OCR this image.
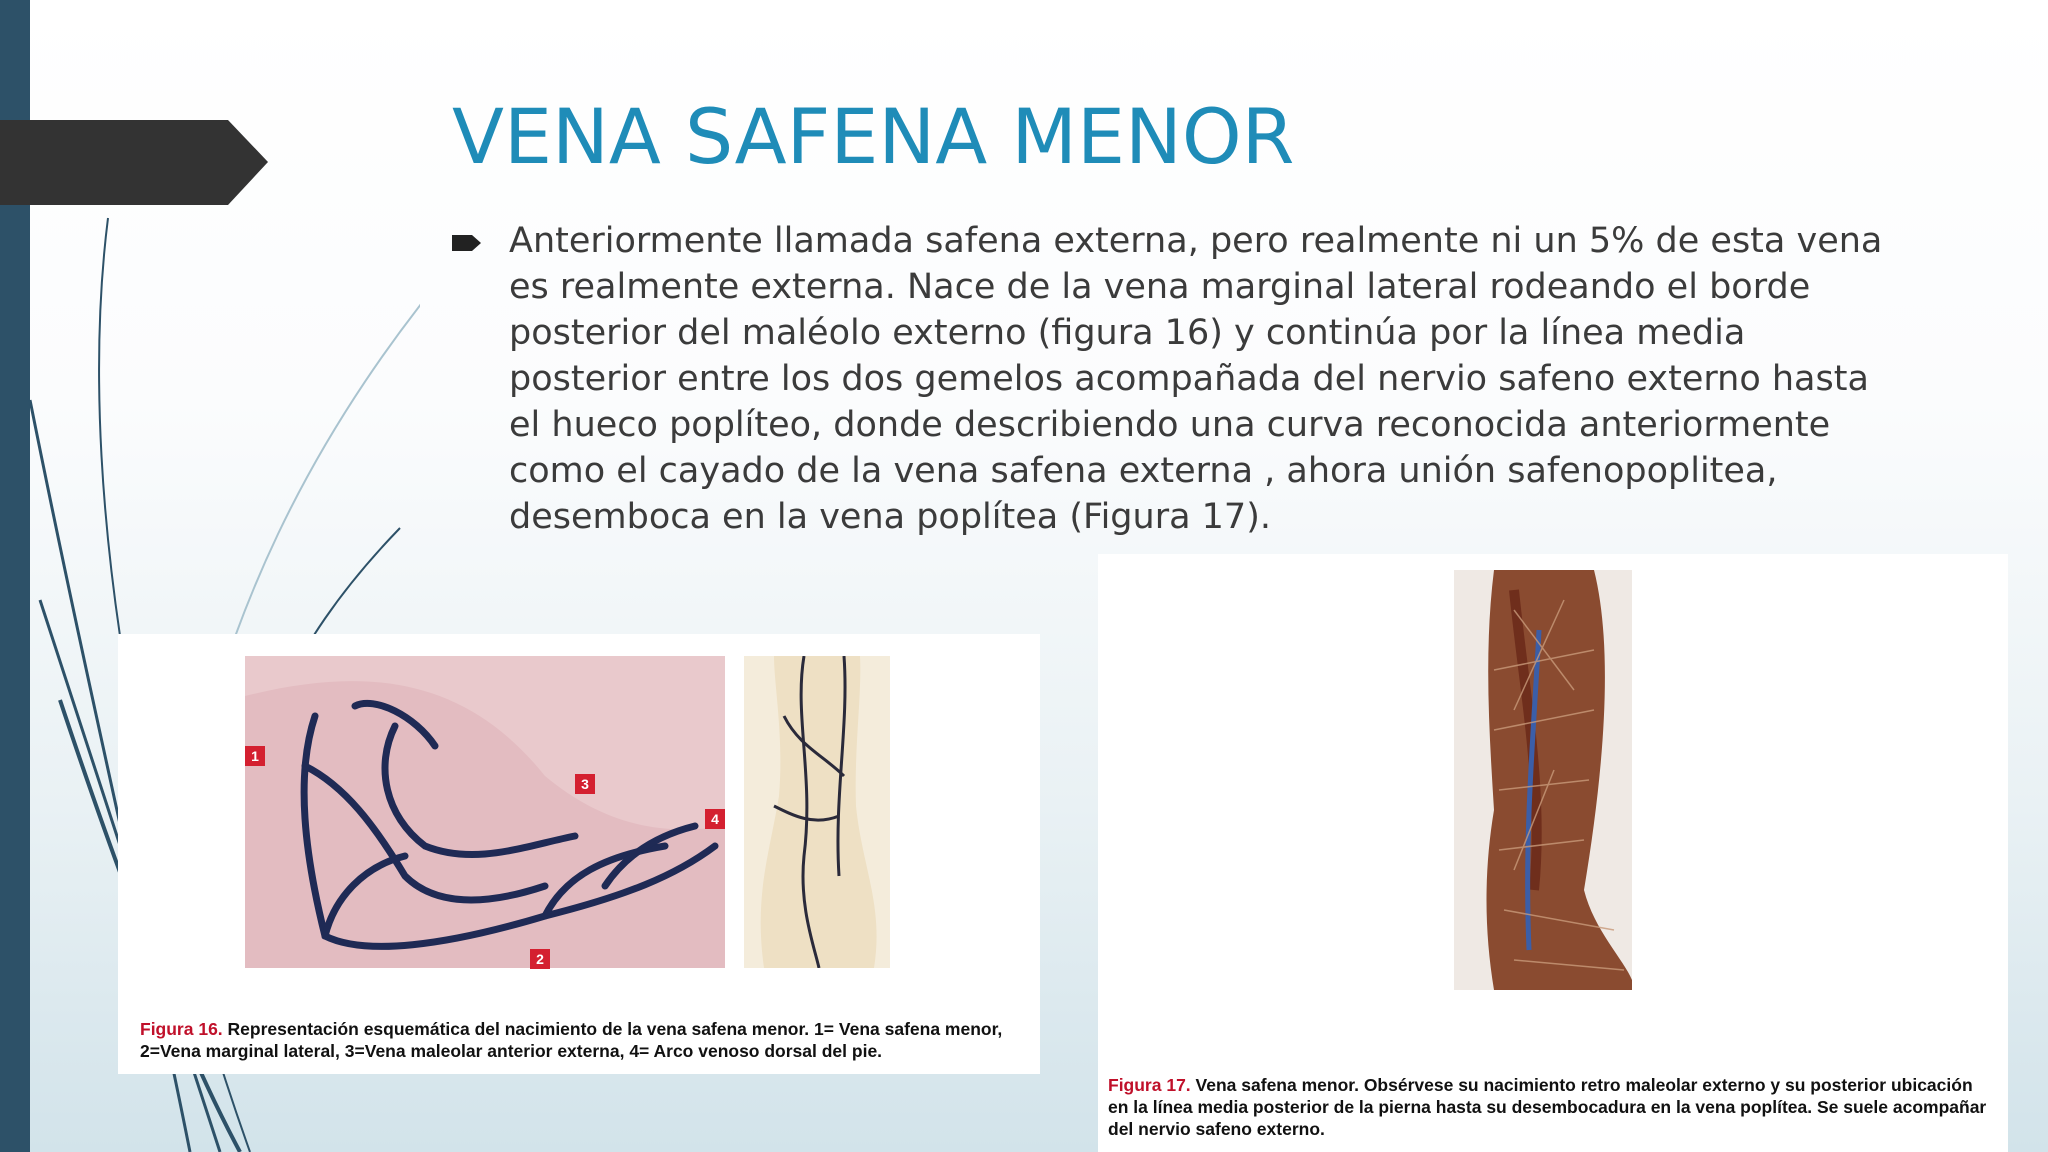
VENA SAFENA MENOR
Anteriormente llamada safena externa, pero realmente ni un 5% de esta vena es realmente externa. Nace de la vena marginal lateral rodeando el borde posterior del maléolo externo (figura 16) y continúa por la línea media posterior entre los dos gemelos acompañada del nervio safeno externo hasta el hueco poplíteo, donde describiendo una curva reconocida anteriormente como el cayado de la vena safena externa , ahora unión safenopoplitea, desemboca en la vena poplítea (Figura 17).
1
2
3
4
Figura 16. Representación esquemática del nacimiento de la vena safena menor. 1= Vena safena menor, 2=Vena marginal lateral, 3=Vena maleolar anterior externa, 4= Arco venoso dorsal del pie.
Figura 17. Vena safena menor. Obsérvese su nacimiento retro maleolar externo y su posterior ubicación en la línea media posterior de la pierna hasta su desembocadura en la vena poplítea. Se suele acompañar del nervio safeno externo.
